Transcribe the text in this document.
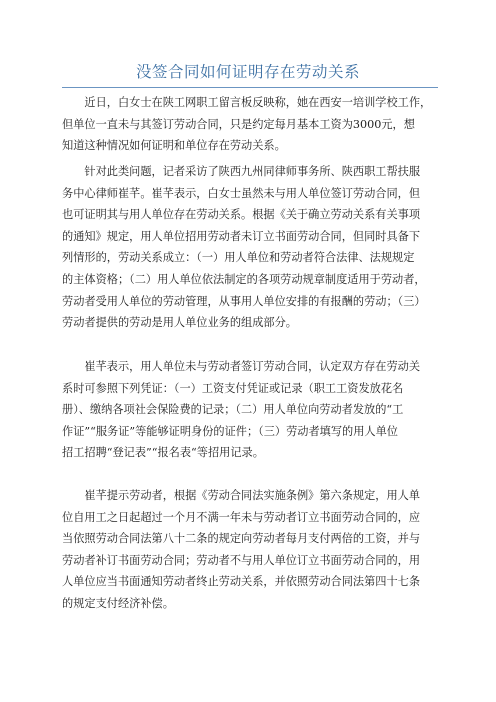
没签合同如何证明存在劳动关系
　　近日，白女士在陕工网职工留言板反映称，她在西安一培训学校工作，
但单位一直未与其签订劳动合同，只是约定每月基本工资为3000元，想
知道这种情况如何证明和单位存在劳动关系。
　　针对此类问题，记者采访了陕西九州同律师事务所、陕西职工帮扶服
务中心律师崔芊。崔芊表示，白女士虽然未与用人单位签订劳动合同，但
也可证明其与用人单位存在劳动关系。根据《关于确立劳动关系有关事项
的通知》规定，用人单位招用劳动者未订立书面劳动合同，但同时具备下
列情形的，劳动关系成立：（一）用人单位和劳动者符合法律、法规规定
的主体资格；（二）用人单位依法制定的各项劳动规章制度适用于劳动者，
劳动者受用人单位的劳动管理，从事用人单位安排的有报酬的劳动；（三）
劳动者提供的劳动是用人单位业务的组成部分。
　　崔芊表示，用人单位未与劳动者签订劳动合同，认定双方存在劳动关
系时可参照下列凭证：（一）工资支付凭证或记录（职工工资发放花名
册）、缴纳各项社会保险费的记录；（二）用人单位向劳动者发放的“工
作证”“服务证”等能够证明身份的证件；（三）劳动者填写的用人单位
招工招聘“登记表”“报名表“等招用记录。
　　崔芊提示劳动者，根据《劳动合同法实施条例》第六条规定，用人单
位自用工之日起超过一个月不满一年未与劳动者订立书面劳动合同的，应
当依照劳动合同法第八十二条的规定向劳动者每月支付两倍的工资，并与
劳动者补订书面劳动合同；劳动者不与用人单位订立书面劳动合同的，用
人单位应当书面通知劳动者终止劳动关系，并依照劳动合同法第四十七条
的规定支付经济补偿。
